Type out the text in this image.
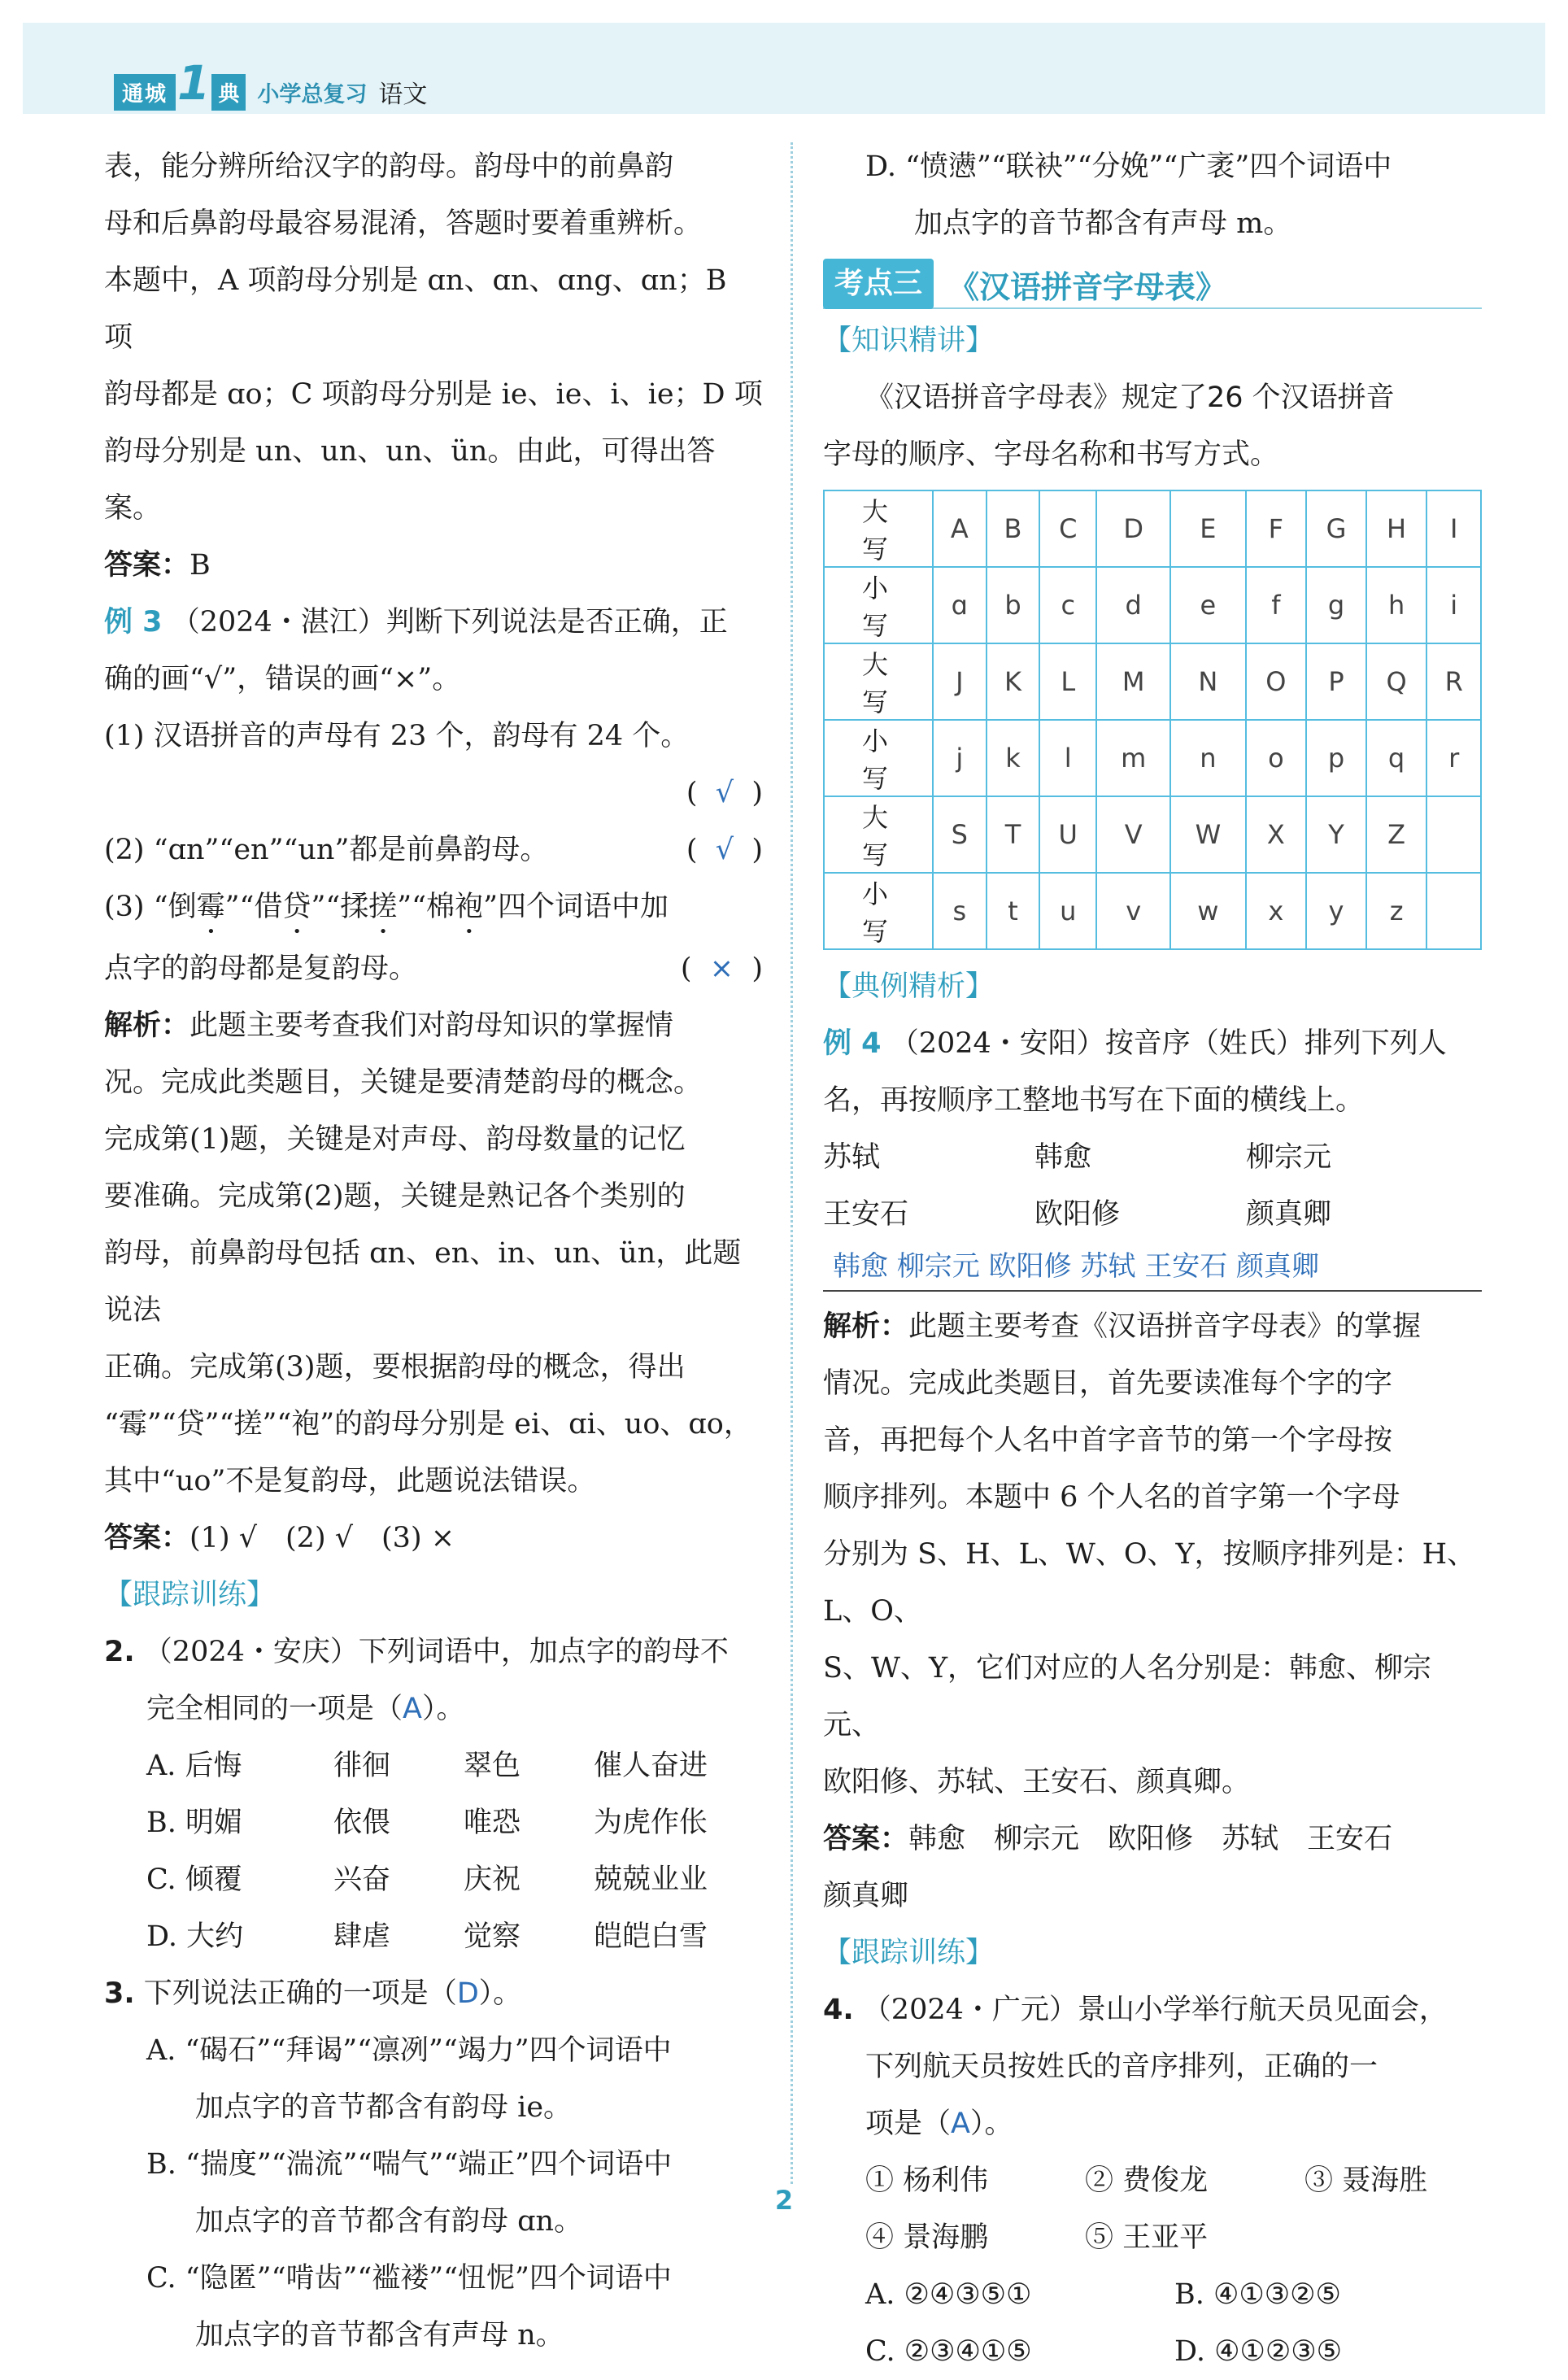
通城 1 典 小学总复习 语文

表，能分辨所给汉字的韵母。韵母中的前鼻韵

母和后鼻韵母最容易混淆，答题时要着重辨析。

本题中，A 项韵母分别是 ɑn、ɑn、ɑng、ɑn；B 项

韵母都是 ɑo；C 项韵母分别是 ie、ie、i、ie；D 项

韵母分别是 un、un、un、ün。由此，可得出答案。

答案：B

例 3 （2024・湛江）判断下列说法是否正确，正

确的画“√”，错误的画“×”。

(1) 汉语拼音的声母有 23 个，韵母有 24 个。

(  √  )

(2) “ɑn”“en”“un”都是前鼻韵母。	(  √  )

(3) “倒霉”“借贷”“揉搓”“棉袍”四个词语中加

点字的韵母都是复韵母。	(  ×  )

解析：此题主要考查我们对韵母知识的掌握情

况。完成此类题目，关键是要清楚韵母的概念。

完成第(1)题，关键是对声母、韵母数量的记忆

要准确。完成第(2)题，关键是熟记各个类别的

韵母，前鼻韵母包括 ɑn、en、in、un、ün，此题说法

正确。完成第(3)题，要根据韵母的概念，得出

“霉”“贷”“搓”“袍”的韵母分别是 ei、ɑi、uo、ɑo，

其中“uo”不是复韵母，此题说法错误。

答案：(1) √　(2) √　(3) ×

【跟踪训练】

2. （2024・安庆）下列词语中，加点字的韵母不

完全相同的一项是（A）。

A. 后悔	徘徊	翠色	催人奋进
B. 明媚	依偎	唯恐	为虎作伥
C. 倾覆	兴奋	庆祝	兢兢业业
D. 大约	肆虐	觉察	皑皑白雪

3. 下列说法正确的一项是（D）。

A. “碣石”“拜谒”“凛冽”“竭力”四个词语中

加点字的音节都含有韵母 ie。

B. “揣度”“湍流”“喘气”“端正”四个词语中

加点字的音节都含有韵母 ɑn。

C. “隐匿”“啃齿”“褴褛”“忸怩”四个词语中

加点字的音节都含有声母 n。

D. “愤懑”“联袂”“分娩”“广袤”四个词语中

加点字的音节都含有声母 m。

考点三 《汉语拼音字母表》

【知识精讲】

《汉语拼音字母表》规定了26 个汉语拼音

字母的顺序、字母名称和书写方式。

大　写	A	B	C	D	E	F	G	H	I
小　写	ɑ	b	c	d	e	f	g	h	i
大　写	J	K	L	M	N	O	P	Q	R
小　写	j	k	l	m	n	o	p	q	r
大　写	S	T	U	V	W	X	Y	Z	
小　写	s	t	u	v	w	x	y	z	

【典例精析】

例 4 （2024・安阳）按音序（姓氏）排列下列人

名，再按顺序工整地书写在下面的横线上。

苏轼	韩愈	柳宗元
王安石	欧阳修	颜真卿
韩愈 柳宗元 欧阳修 苏轼 王安石 颜真卿

解析：此题主要考查《汉语拼音字母表》的掌握

情况。完成此类题目，首先要读准每个字的字

音，再把每个人名中首字音节的第一个字母按

顺序排列。本题中 6 个人名的首字第一个字母

分别为 S、H、L、W、O、Y，按顺序排列是：H、L、O、

S、W、Y，它们对应的人名分别是：韩愈、柳宗元、

欧阳修、苏轼、王安石、颜真卿。

答案：韩愈　柳宗元　欧阳修　苏轼　王安石

颜真卿

【跟踪训练】

4. （2024・广元）景山小学举行航天员见面会，

下列航天员按姓氏的音序排列，正确的一

项是（A）。

① 杨利伟	② 费俊龙	③ 聂海胜
④ 景海鹏	⑤ 王亚平
A. ②④③⑤①	B. ④①③②⑤
C. ②③④①⑤	D. ④①②③⑤
2
